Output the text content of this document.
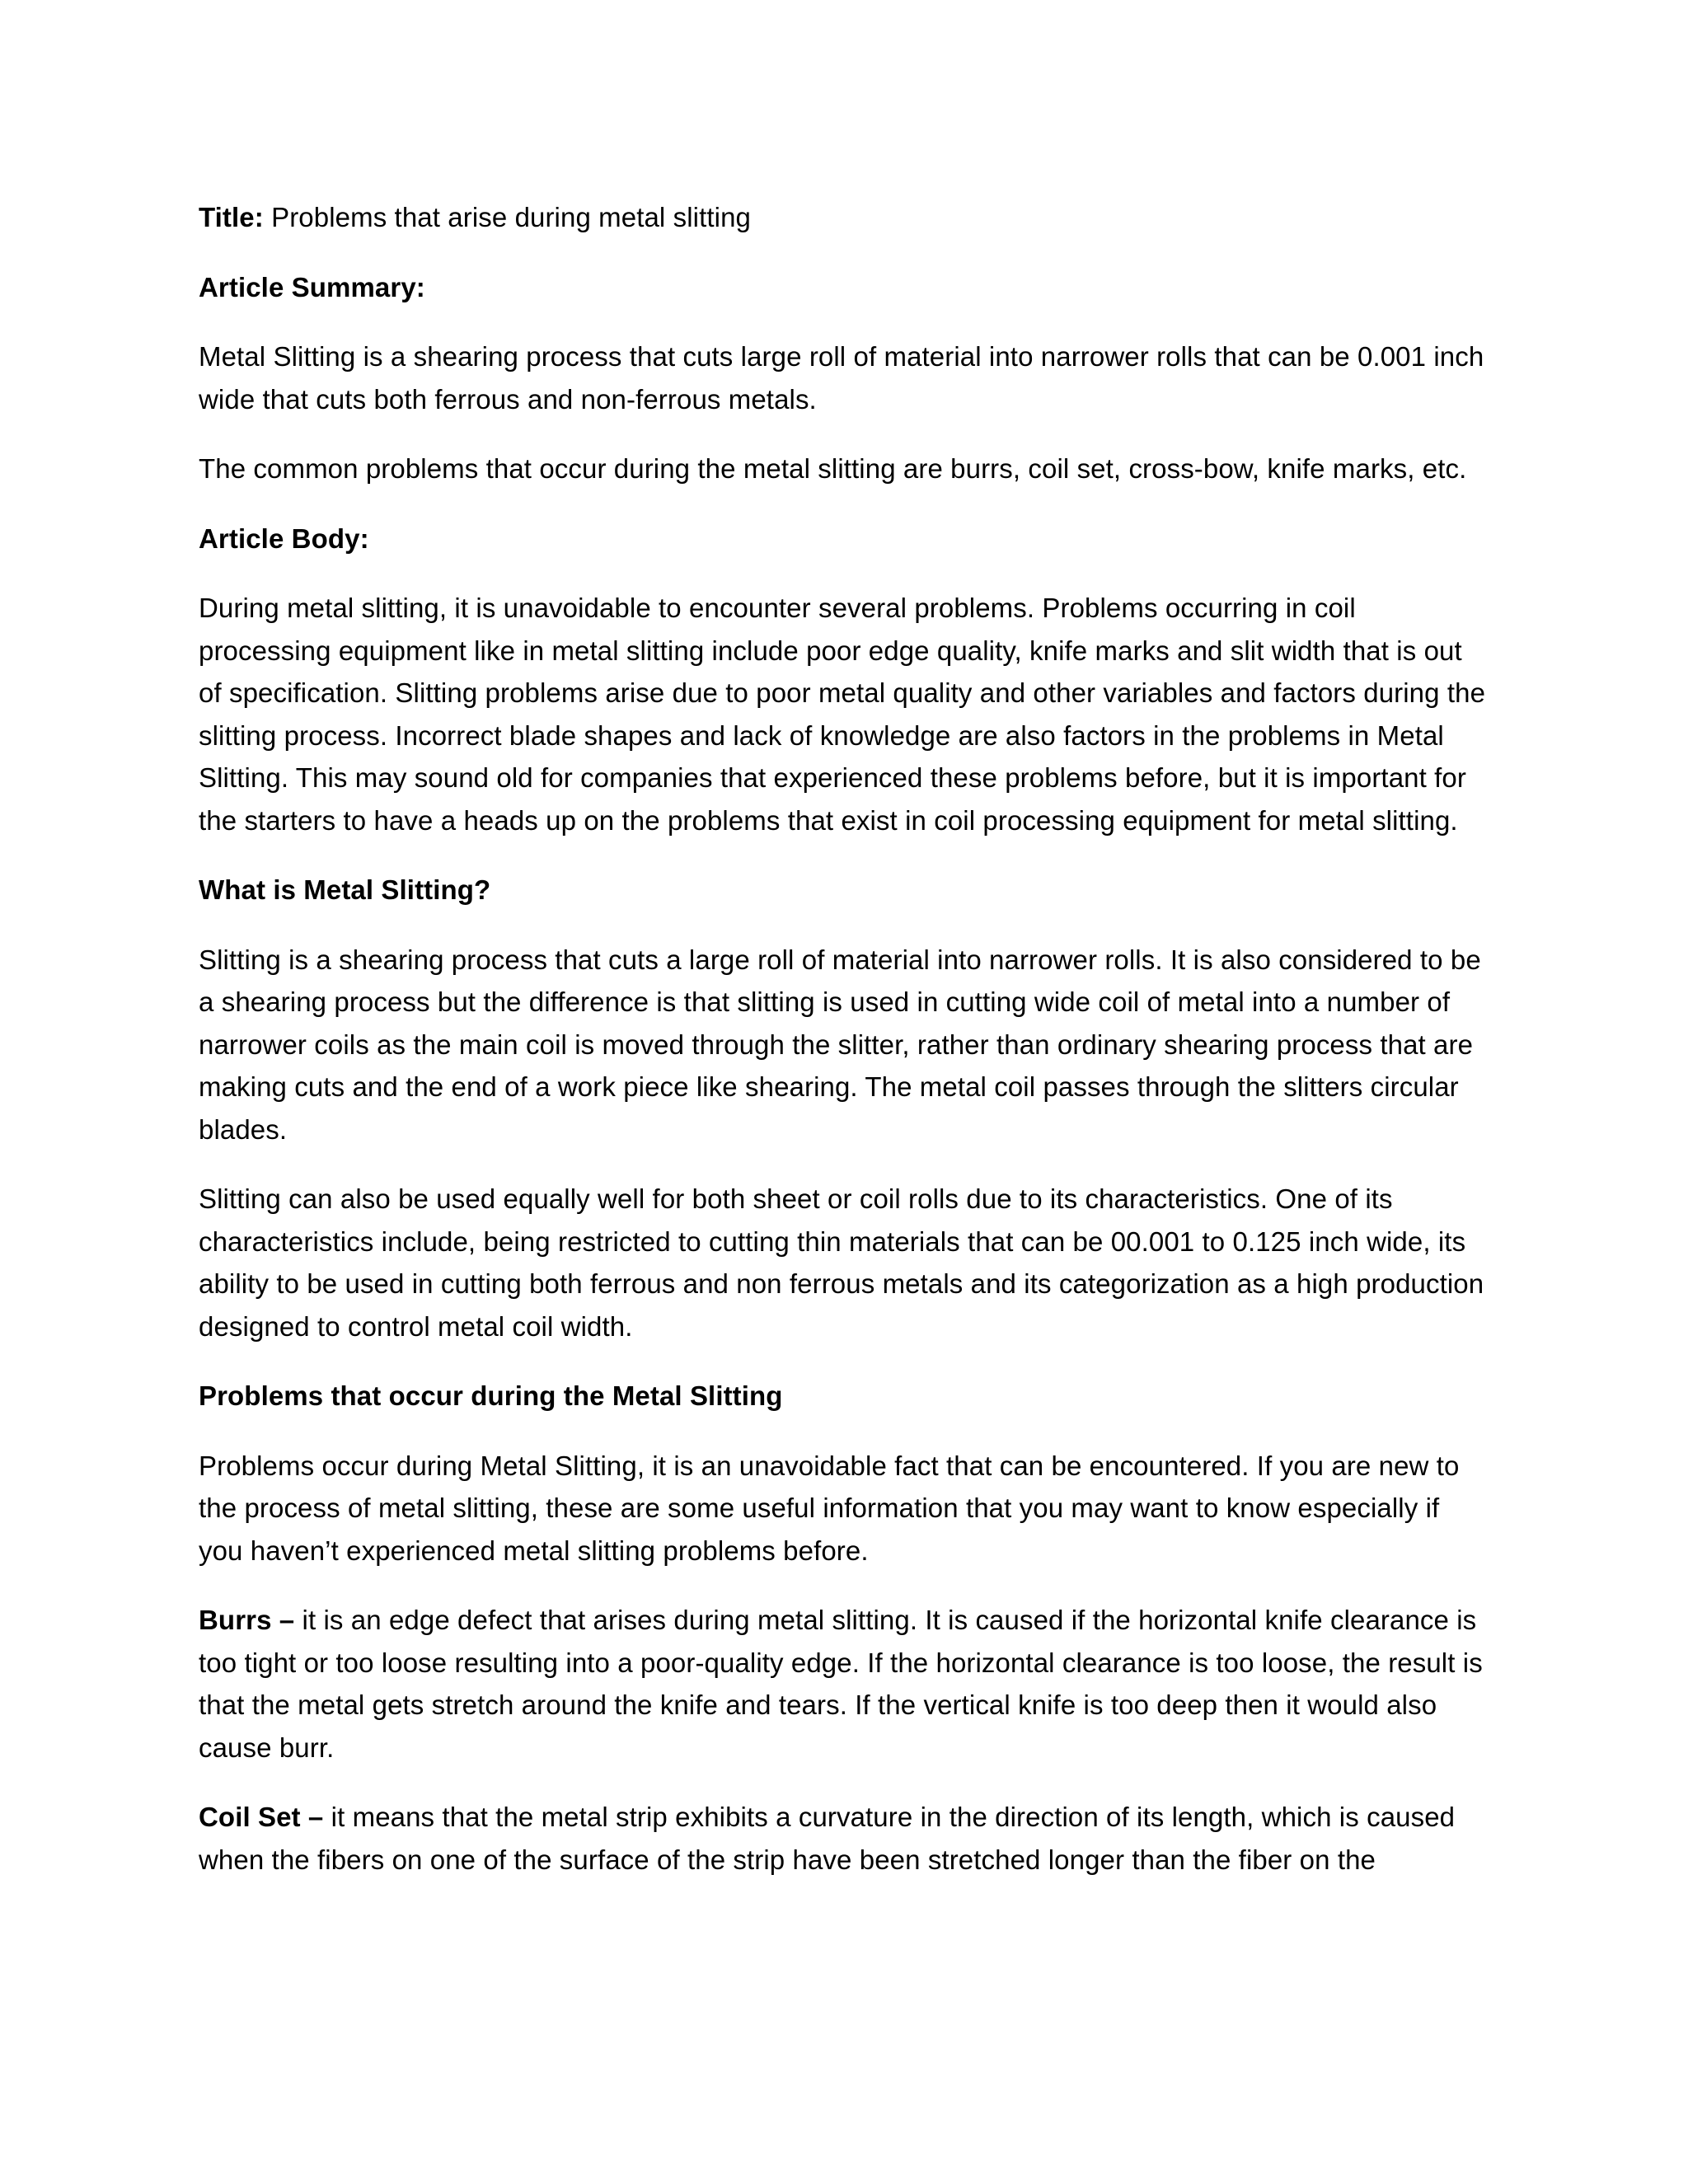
Title: Problems that arise during metal slitting

Article Summary:

Metal Slitting is a shearing process that cuts large roll of material into narrower rolls that can be 0.001 inch wide that cuts both ferrous and non-ferrous metals.

The common problems that occur during the metal slitting are burrs, coil set, cross-bow, knife marks, etc.

Article Body:

During metal slitting, it is unavoidable to encounter several problems. Problems occurring in coil processing equipment like in metal slitting include poor edge quality, knife marks and slit width that is out of specification. Slitting problems arise due to poor metal quality and other variables and factors during the slitting process. Incorrect blade shapes and lack of knowledge are also factors in the problems in Metal Slitting. This may sound old for companies that experienced these problems before, but it is important for the starters to have a heads up on the problems that exist in coil processing equipment for metal slitting.

What is Metal Slitting?

Slitting is a shearing process that cuts a large roll of material into narrower rolls. It is also considered to be a shearing process but the difference is that slitting is used in cutting wide coil of metal into a number of narrower coils as the main coil is moved through the slitter, rather than ordinary shearing process that are making cuts and the end of a work piece like shearing. The metal coil passes through the slitters circular blades.

Slitting can also be used equally well for both sheet or coil rolls due to its characteristics. One of its characteristics include, being restricted to cutting thin materials that can be 00.001 to 0.125 inch wide, its ability to be used in cutting both ferrous and non ferrous metals and its categorization as a high production designed to control metal coil width.

Problems that occur during the Metal Slitting

Problems occur during Metal Slitting, it is an unavoidable fact that can be encountered. If you are new to the process of metal slitting, these are some useful information that you may want to know especially if you haven’t experienced metal slitting problems before.

Burrs – it is an edge defect that arises during metal slitting. It is caused if the horizontal knife clearance is too tight or too loose resulting into a poor-quality edge. If the horizontal clearance is too loose, the result is that the metal gets stretch around the knife and tears. If the vertical knife is too deep then it would also cause burr.

Coil Set – it means that the metal strip exhibits a curvature in the direction of its length, which is caused when the fibers on one of the surface of the strip have been stretched longer than the fiber on the
